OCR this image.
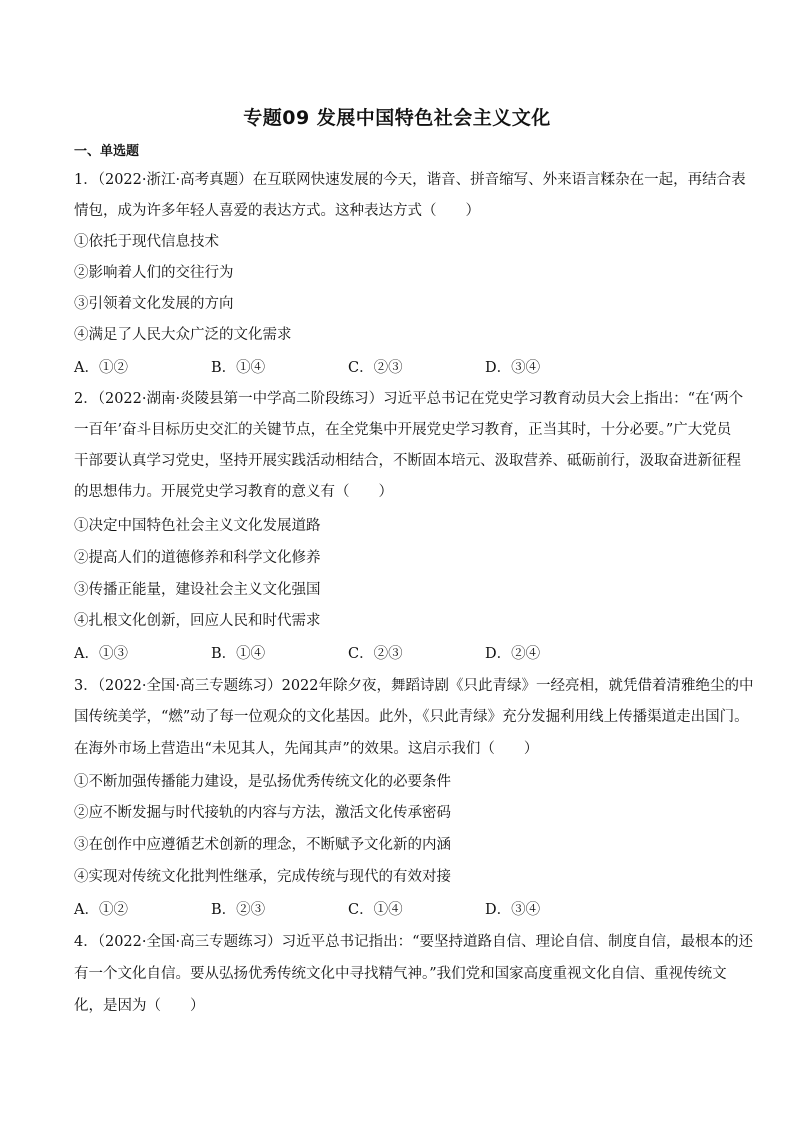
专题09 发展中国特色社会主义文化
一、单选题
1．（2022·浙江·高考真题）在互联网快速发展的今天，谐音、拼音缩写、外来语言糅杂在一起，再结合表
情包，成为许多年轻人喜爱的表达方式。这种表达方式（　　）
①依托于现代信息技术
②影响着人们的交往行为
③引领着文化发展的方向
④满足了人民大众广泛的文化需求
A．①②	B．①④	C．②③	D．③④
2．（2022·湖南·炎陵县第一中学高二阶段练习）习近平总书记在党史学习教育动员大会上指出：“在‘两个
一百年’奋斗目标历史交汇的关键节点，在全党集中开展党史学习教育，正当其时，十分必要。”广大党员
干部要认真学习党史，坚持开展实践活动相结合，不断固本培元、汲取营养、砥砺前行，汲取奋进新征程
的思想伟力。开展党史学习教育的意义有（　　）
①决定中国特色社会主义文化发展道路
②提高人们的道德修养和科学文化修养
③传播正能量，建设社会主义文化强国
④扎根文化创新，回应人民和时代需求
A．①③	B．①④	C．②③	D．②④
3．（2022·全国·高三专题练习）2022年除夕夜，舞蹈诗剧《只此青绿》一经亮相，就凭借着清雅绝尘的中
国传统美学，“燃”动了每一位观众的文化基因。此外，《只此青绿》充分发掘利用线上传播渠道走出国门。
在海外市场上营造出“未见其人，先闻其声”的效果。这启示我们（　　）
①不断加强传播能力建设，是弘扬优秀传统文化的必要条件
②应不断发掘与时代接轨的内容与方法，激活文化传承密码
③在创作中应遵循艺术创新的理念，不断赋予文化新的内涵
④实现对传统文化批判性继承，完成传统与现代的有效对接
A．①②	B．②③	C．①④	D．③④
4．（2022·全国·高三专题练习）习近平总书记指出：“要坚持道路自信、理论自信、制度自信，最根本的还
有一个文化自信。要从弘扬优秀传统文化中寻找精气神。”我们党和国家高度重视文化自信、重视传统文
化，是因为（　　）
